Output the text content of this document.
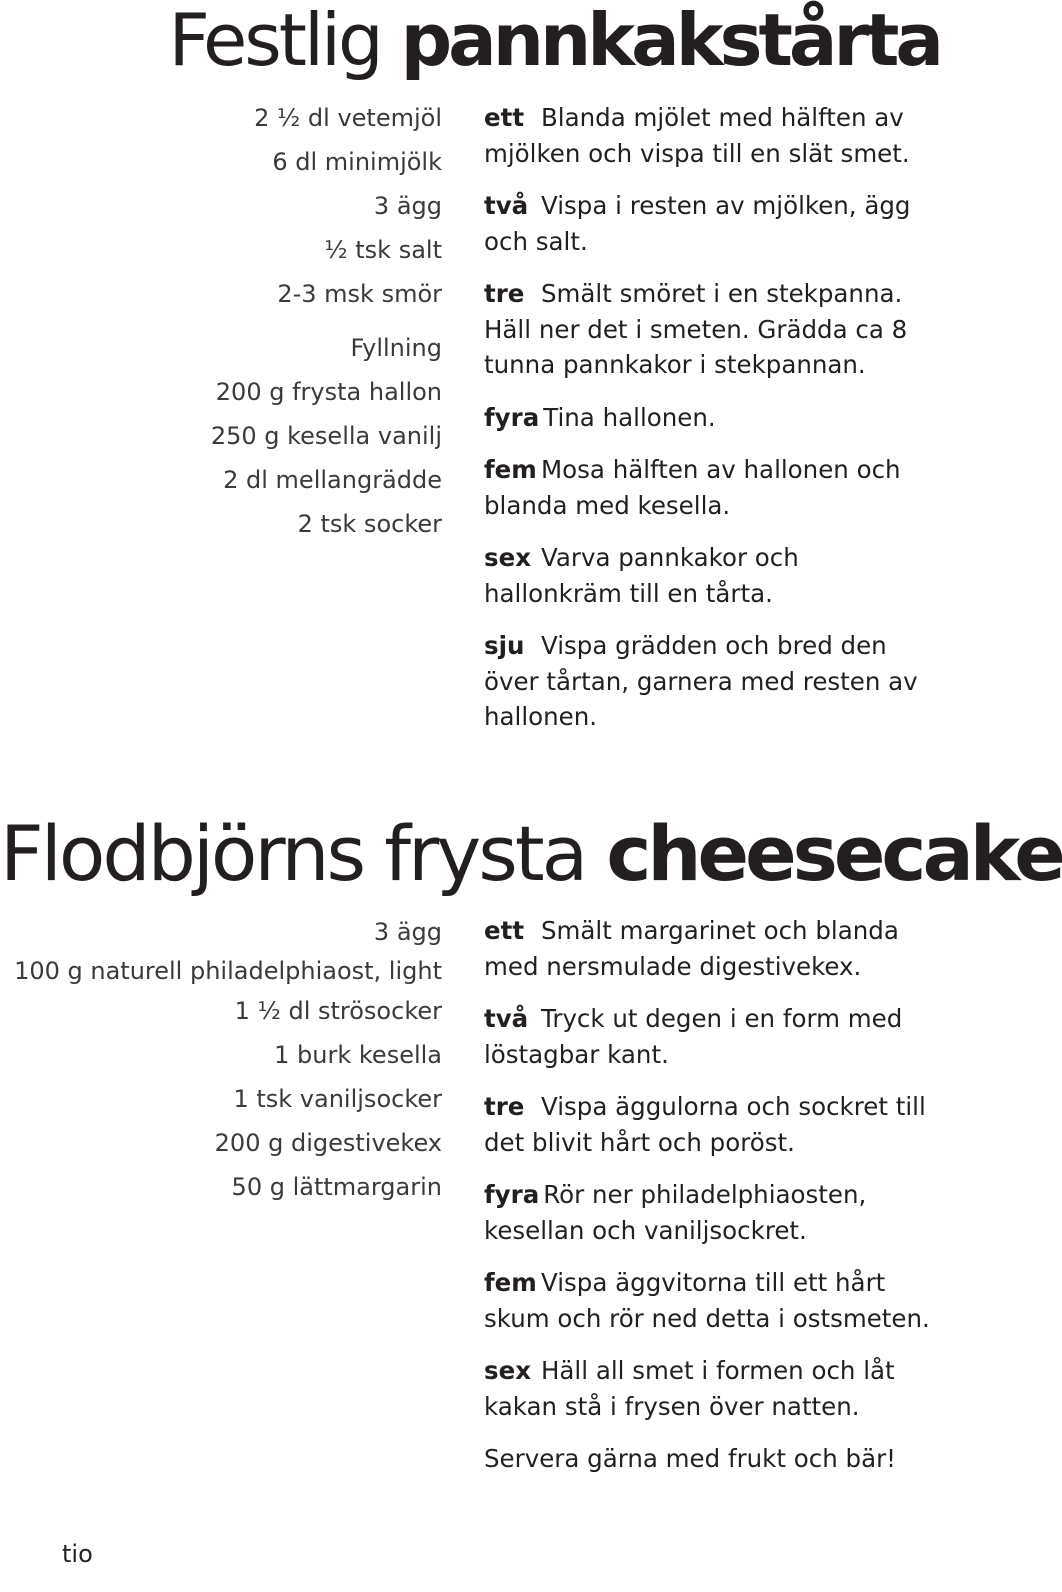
Festlig pannkakstårta
2 ½ dl vetemjöl
6 dl minimjölk
3 ägg
½ tsk salt
2-3 msk smör
Fyllning
200 g frysta hallon
250 g kesella vanilj
2 dl mellangrädde
2 tsk socker

ett Blanda mjölet med hälften av mjölken och vispa till en slät smet.

två Vispa i resten av mjölken, ägg och salt.

tre Smält smöret i en stekpanna. Häll ner det i smeten. Grädda ca 8 tunna pannkakor i stekpannan.

fyra Tina hallonen.

fem Mosa hälften av hallonen och blanda med kesella.

sex Varva pannkakor och hallonkräm till en tårta.

sju Vispa grädden och bred den över tårtan, garnera med resten av hallonen.

Flodbjörns frysta cheesecake
3 ägg
100 g naturell philadelphiaost, light
1 ½ dl strösocker
1 burk kesella
1 tsk vaniljsocker
200 g digestivekex
50 g lättmargarin

ett Smält margarinet och blanda med nersmulade digestivekex.

två Tryck ut degen i en form med löstagbar kant.

tre Vispa äggulorna och sockret till det blivit hårt och poröst.

fyra Rör ner philadelphiaosten, kesellan och vaniljsockret.

fem Vispa äggvitorna till ett hårt skum och rör ned detta i ostsmeten.

sex Häll all smet i formen och låt kakan stå i frysen över natten.

Servera gärna med frukt och bär!

tio
